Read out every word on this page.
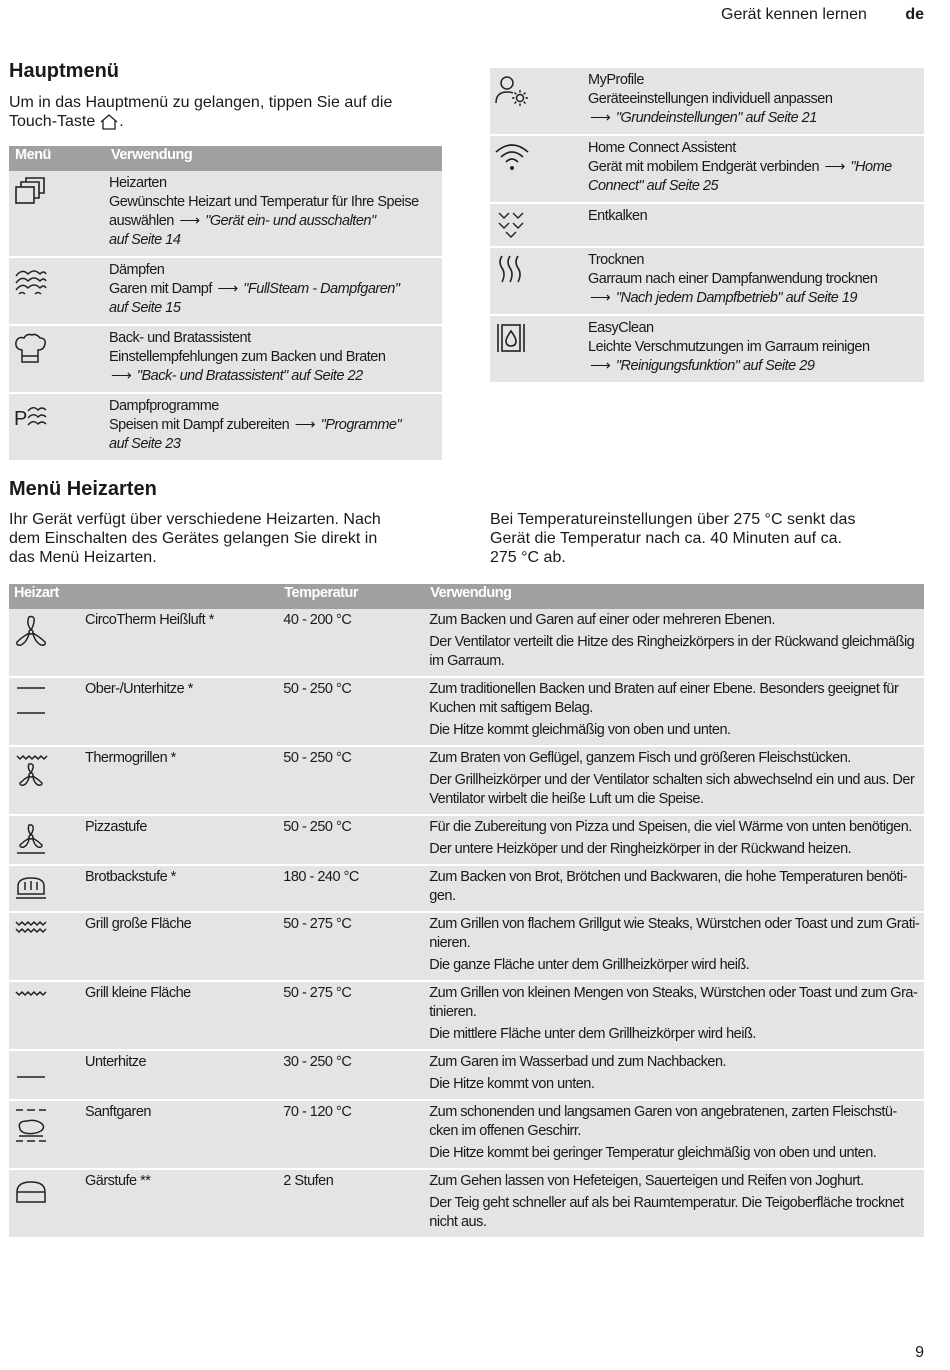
Gerät kennen lernen de
Hauptmenü
Um in das Hauptmenü zu gelangen, tippen Sie auf die
Touch-Taste .
Menü	Verwendung

Heizarten
Gewünschte Heizart und Temperatur für Ihre Speise
auswählen ⟶ "Gerät ein- und ausschalten"
auf Seite 14

Dämpfen
Garen mit Dampf ⟶ "FullSteam - Dampfgaren"
auf Seite 15

Back- und Bratassistent
Einstellempfehlungen zum Backen und Braten
⟶ "Back- und Bratassistent" auf Seite 22

P	Dampfprogramme
Speisen mit Dampf zubereiten ⟶ "Programme"
auf Seite 23

MyProfile
Geräteeinstellungen individuell anpassen
⟶ "Grundeinstellungen" auf Seite 21

Home Connect Assistent
Gerät mit mobilem Endgerät verbinden ⟶ "Home
Connect" auf Seite 25

Entkalken

Trocknen
Garraum nach einer Dampfanwendung trocknen
⟶ "Nach jedem Dampfbetrieb" auf Seite 19

EasyClean
Leichte Verschmutzungen im Garraum reinigen
⟶ "Reinigungsfunktion" auf Seite 29
Menü Heizarten
Ihr Gerät verfügt über verschiedene Heizarten. Nach
dem Einschalten des Gerätes gelangen Sie direkt in
das Menü Heizarten.
Bei Temperatureinstellungen über 275 °C senkt das
Gerät die Temperatur nach ca. 40 Minuten auf ca.
275 °C ab.
Heizart		Temperatur	Verwendung

	CircoTherm Heißluft *	40 - 200 °C	Zum Backen und Garen auf einer oder mehreren Ebenen.

Der Ventilator verteilt die Hitze des Ringheizkörpers in der Rückwand gleichmäßig
im Garraum.

	Ober-/Unterhitze *	50 - 250 °C	Zum traditionellen Backen und Braten auf einer Ebene. Besonders geeignet für
Kuchen mit saftigem Belag.

Die Hitze kommt gleichmäßig von oben und unten.

	Thermogrillen *	50 - 250 °C	Zum Braten von Geflügel, ganzem Fisch und größeren Fleischstücken.

Der Grillheizkörper und der Ventilator schalten sich abwechselnd ein und aus. Der
Ventilator wirbelt die heiße Luft um die Speise.

	Pizzastufe	50 - 250 °C	Für die Zubereitung von Pizza und Speisen, die viel Wärme von unten benötigen.

Der untere Heizköper und der Ringheizkörper in der Rückwand heizen.

	Brotbackstufe *	180 - 240 °C	Zum Backen von Brot, Brötchen und Backwaren, die hohe Temperaturen benöti-
gen.

	Grill große Fläche	50 - 275 °C	Zum Grillen von flachem Grillgut wie Steaks, Würstchen oder Toast und zum Grati-
nieren.

Die ganze Fläche unter dem Grillheizkörper wird heiß.

	Grill kleine Fläche	50 - 275 °C	Zum Grillen von kleinen Mengen von Steaks, Würstchen oder Toast und zum Gra-
tinieren.

Die mittlere Fläche unter dem Grillheizkörper wird heiß.

	Unterhitze	30 - 250 °C	Zum Garen im Wasserbad und zum Nachbacken.

Die Hitze kommt von unten.

	Sanftgaren	70 - 120 °C	Zum schonenden und langsamen Garen von angebratenen, zarten Fleischstü-
cken im offenen Geschirr.

Die Hitze kommt bei geringer Temperatur gleichmäßig von oben und unten.

	Gärstufe **	2 Stufen	Zum Gehen lassen von Hefeteigen, Sauerteigen und Reifen von Joghurt.

Der Teig geht schneller auf als bei Raumtemperatur. Die Teigoberfläche trocknet
nicht aus.

9
